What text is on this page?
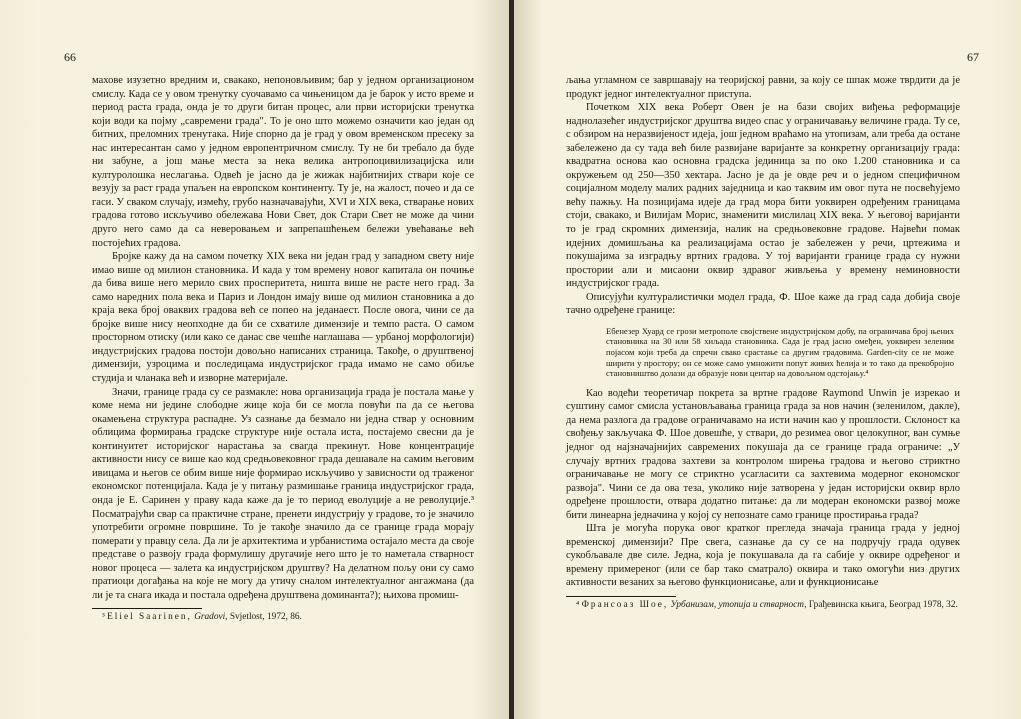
66

махове изузетно вредним и, свакако, непоновљивим; бар у једном организационом смислу. Када се у овом тренутку суочавамо са чињеницом да је барок у исто време и период раста града, онда је то други битан процес, али први историјски тренутка који води ка појму „савремени града". То је оно што можемо означити као један од битних, преломних тренутака. Није спорно да је град у овом временском пресеку за нас интересантан само у једном европентричном смислу. Ту не би требало да буде ни забуне, а још мање места за нека велика антропоцивилизацијска или културолошка неслагања. Одвећ је јасно да је жижак најбитнијих ствари које се везују за раст града упаљен на европском континенту. Ту је, на жалост, почео и да се гаси. У сваком случају, измећу, грубо назначавајући, XVI и XIX века, стварање нових градова готово искључиво обележава Нови Свет, док Стари Свет не може да чини друго него само да са неверовањем и запрепашћењем бележи увећавање већ постојећих градова.

Бројке кажу да на самом почетку XIX века ни један град у западном свету није имао више од милион становника. И када у том времену новог капитала он почиње да бива више него мерило свих просперитета, ништа више не расте него град. За само наредних пола века и Париз и Лондон имају више од милион становника а до краја века број оваквих градова већ се попео на једанаест. После овога, чини се да бројке више нису неопходне да би се схватиле димензије и темпо раста. О самом просторном отиску (или како се данас све чешће наглашава — урбаној морфологији) индустријских градова постоји довољно написаних страница. Такође, о друштвеној димензији, узроцима и последицама индустријског града имамо не само обиље студија и чланака већ и изворне материјале.

Значи, границе града су се размакле: нова организација града је постала мање у коме нема ни једине слободне жице која би се могла повући па да се његова окамењена структура распадне. Уз сазнање да безмало ни једна ствар у основним облицима формирања градске структуре није остала иста, постајемо свесни да је континуитет историјског нарастања за свагда прекинут. Нове концентрације активности нису се више као код средњовековног града дешавале на самим његовим ивицама и његов се обим више није формирао искључиво у зависности од траженог економског потенцијала. Када је у питању размишање граница индустријског града, онда је Е. Саринен у праву када каже да је то период еволуције а не револуције.³ Посматрајући свар са практичне стране, пренети индустрију у градове, то је значило употребити огромне површине. То је такође значило да се границе града морају померати у правцу села. Да ли је архитектима и урбанистима остајало места да своје представе о развоју града формулишу другачије него што је то наметала стварност новог процеса — залета ка индустријском друштву? На делатном пољу они су само пратиоци догађања на које не могу да утичу сналом интелектуалног ангажмана (да ли је та снага икада и постала одређена друштвена доминанта?); њихова промиш-

³ Eliel Saarinen, Gradovi, Svjetlost, 1972, 86.
67

љања угламном се завршавају на теоријској равни, за коју се шпак може тврдити да је продукт једног интелектуалног приступа.

Почетком XIX века Роберт Овен је на бази својих виђења реформације наднолазећег индустријског друштва видео спас у ограничавању величине града. Ту се, с обзиром на неразвијеност идеја, још једном враћамо на утопизам, али треба да остане забележено да су тада већ биле развијане варијанте за конкретну организацију града: квадратна основа као основна градска јединица за по око 1.200 становника и са окружењем од 250—350 хектара. Јасно је да је овде реч и о једном специфичном социјалном моделу малих радних заједница и као таквим им овог пута не посвећујемо већу пажњу. На позицијама идеје да град мора бити уоквирен одређеним границама стоји, свакако, и Вилијам Морис, знаменити мислилац XIX века. У његовој варијанти то је град скромних димензија, налик на средњовековне градове. Највећи помак идејних домишљања ка реализацијама остао је забележен у речи, цртежима и покушајима за изградњу вртних градова. У тој варијанти границе града су нужни простории али и мисаони оквир здравог живљења у времену неминовности индустријског града.

Описујући културалистички модел града, Ф. Шое каже да град сада добија своје тачно одређене границе:

Ебенезер Хуард се грози метрополе својствене индустријском добу, па ограничава број њених становника на 30 или 58 хиљада становника. Сада је град јасно омеђен, уоквирен зеленим појасом који треба да спречи свако срастање са другим градовима. Garden-city се не може ширити у простору; он се може само умножити попут живих ћелија и то тако да прекобројно становништво долази да образује нови центар на довољном одстојању.⁴

Као водећи теоретичар покрета за вртне градове Raymond Unwin је изрекао и суштину самог смисла установљавања граница града за нов начин (зеленилом, дакле), да нема разлога да градове ограничавамо на исти начин као у прошлости. Склоност ка свођењу закључака Ф. Шое довешће, у ствари, до резимеа овог целокупног, ван сумње једног од најзначајнијих савремених покушаја да се границе града ограниче: „У случају вртних градова захтеви за контролом ширења градова и његово стриктно ограничавање не могу се стриктно усагласити са захтевима модерног економског развоја". Чини се да ова теза, уколико није затворена у један историјски оквир врло одређене прошлости, отвара додатно питање: да ли модеран економски развој може бити линеарна једначина у којој су непознате само границе простирања града?

Шта је могућа порука овог кратког прегледа значаја граница града у једној временској димензији? Пре свега, сазнање да су се на подручју града одувек сукобљавале две силе. Једна, која је покушавала да га сабије у оквире одређеног и времену примереног (или се бар тако сматрало) оквира и тако омогући низ других активности везаних за његово функционисање, али и функционисање

⁴ Франсоаз Шое, Урбанизам, утопија и стварност, Грађевинска књига, Београд 1978, 32.
